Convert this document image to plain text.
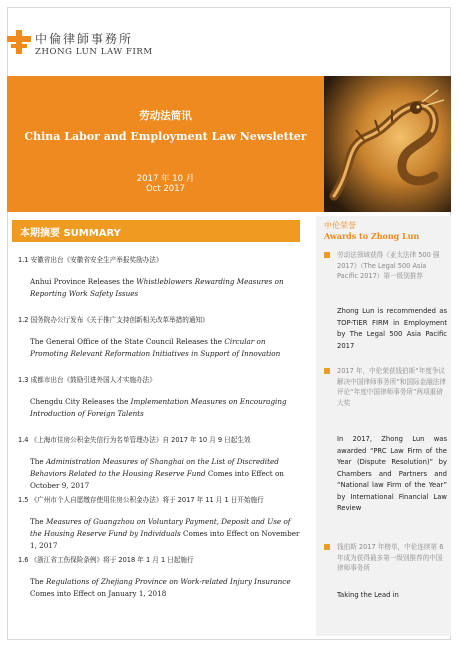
中倫律師事務所
ZHONG LUN LAW FIRM
劳动法简讯
China Labor and Employment Law Newsletter
2017 年 10 月
Oct 2017
本期摘要 SUMMARY
1.1 安徽省出台《安徽省安全生产举报奖励办法》
Anhui Province Releases the Whistleblowers Rewarding Measures on Reporting Work Safety Issues
1.2 国务院办公厅发布《关于推广支持创新相关改革举措的通知》
The General Office of the State Council Releases the Circular on Promoting Relevant Reformation Initiatives in Support of Innovation
1.3 成都市出台《鼓励引进外国人才实施办法》
Chengdu City Releases the Implementation Measures on Encouraging Introduction of Foreign Talents
1.4 《上海市住房公积金失信行为名单管理办法》自 2017 年 10 月 9 日起生效
The Administration Measures of Shanghai on the List of Discredited Behaviors Related to the Housing Reserve Fund Comes into Effect on October 9, 2017
1.5 《广州市个人自愿缴存使用住房公积金办法》将于 2017 年 11 月 1 日开始施行
The Measures of Guangzhou on Voluntary Payment, Deposit and Use of the Housing Reserve Fund by Individuals Comes into Effect on November 1, 2017
1.6 《浙江省工伤保险条例》将于 2018 年 1 月 1 日起施行
The Regulations of Zhejiang Province on Work-related Injury Insurance Comes into Effect on January 1, 2018
中伦荣誉
Awards to Zhong Lun
劳动法领域获得《亚太法律 500 强 2017》（The Legal 500 Asia Pacific 2017）第一级别推荐
Zhong Lun is recommended as TOP-TIER FIRM in Employment by The Legal 500 Asia Pacific 2017
2017 年，中伦荣获钱伯斯“年度争议解决中国律师事务所”和国际金融法律评论“年度中国律师事务所”两项重磅大奖
In 2017, Zhong Lun was awarded “PRC Law Firm of the Year (Dispute Resolution)” by Chambers and Partners and “National law Firm of the Year” by International Financial Law Review
钱伯斯 2017 年榜单，中伦连续第 6 年成为获得最多第一级别推荐的中国律师事务所
Taking the Lead in
